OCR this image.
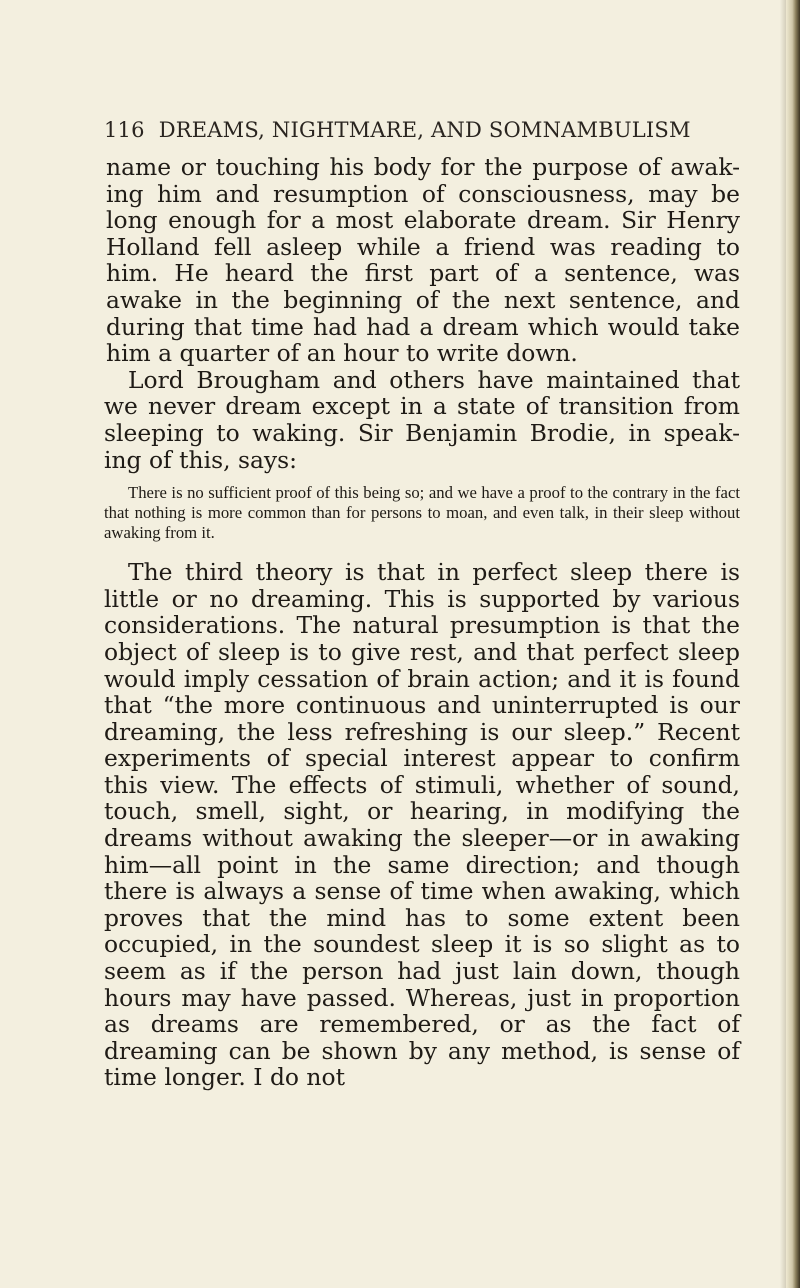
116 DREAMS, NIGHTMARE, AND SOMNAMBULISM

name or touching his body for the purpose of awak-ing him and resumption of consciousness, may be long enough for a most elaborate dream. Sir Henry Holland fell asleep while a friend was reading to him. He heard the first part of a sentence, was awake in the beginning of the next sentence, and during that time had had a dream which would take him a quarter of an hour to write down.

Lord Brougham and others have maintained that we never dream except in a state of transition from sleeping to waking. Sir Benjamin Brodie, in speak-ing of this, says:

There is no sufficient proof of this being so; and we have a proof to the contrary in the fact that nothing is more common than for persons to moan, and even talk, in their sleep without awaking from it.

The third theory is that in perfect sleep there is little or no dreaming. This is supported by various considerations. The natural presumption is that the object of sleep is to give rest, and that perfect sleep would imply cessation of brain action; and it is found that “the more continuous and uninterrupted is our dreaming, the less refreshing is our sleep.” Recent experiments of special interest appear to confirm this view. The effects of stimuli, whether of sound, touch, smell, sight, or hearing, in modifying the dreams without awaking the sleeper—or in awaking him—all point in the same direction; and though there is always a sense of time when awaking, which proves that the mind has to some extent been occupied, in the soundest sleep it is so slight as to seem as if the person had just lain down, though hours may have passed. Whereas, just in proportion as dreams are remembered, or as the fact of dreaming can be shown by any method, is sense of time longer. I do not
